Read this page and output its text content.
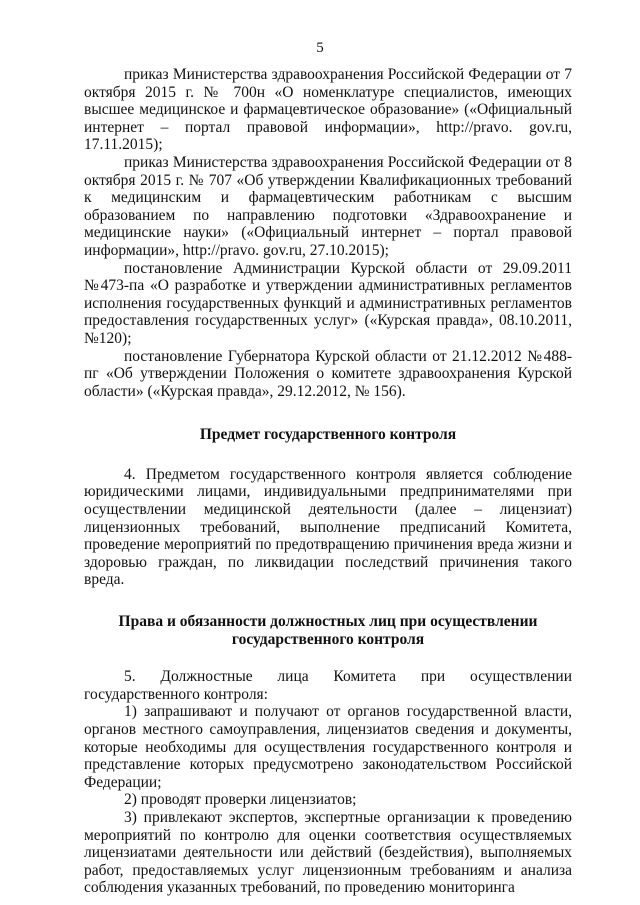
5

приказ Министерства здравоохранения Российской Федерации от 7 октября 2015 г. № 700н «О номенклатуре специалистов, имеющих высшее медицинское и фармацевтическое образование» («Официальный интернет – портал правовой информации», http://pravo. gov.ru, 17.11.2015);

приказ Министерства здравоохранения Российской Федерации от 8 октября 2015 г. № 707 «Об утверждении Квалификационных требований к медицинским и фармацевтическим работникам с высшим образованием по направлению подготовки «Здравоохранение и медицинские науки» («Официальный интернет – портал правовой информации», http://pravo. gov.ru, 27.10.2015);

постановление Администрации Курской области от 29.09.2011 №473-па «О разработке и утверждении административных регламентов исполнения государственных функций и административных регламентов предоставления государственных услуг» («Курская правда», 08.10.2011, №120);

постановление Губернатора Курской области от 21.12.2012 №488-пг «Об утверждении Положения о комитете здравоохранения Курской области» («Курская правда», 29.12.2012, № 156).

Предмет государственного контроля

4. Предметом государственного контроля является соблюдение юридическими лицами, индивидуальными предпринимателями при осуществлении медицинской деятельности (далее – лицензиат) лицензионных требований, выполнение предписаний Комитета, проведение мероприятий по предотвращению причинения вреда жизни и здоровью граждан, по ликвидации последствий причинения такого вреда.

Права и обязанности должностных лиц при осуществлении государственного контроля

5. Должностные лица Комитета при осуществлении государственного контроля:

1) запрашивают и получают от органов государственной власти, органов местного самоуправления, лицензиатов сведения и документы, которые необходимы для осуществления государственного контроля и представление которых предусмотрено законодательством Российской Федерации;

2) проводят проверки лицензиатов;

3) привлекают экспертов, экспертные организации к проведению мероприятий по контролю для оценки соответствия осуществляемых лицензиатами деятельности или действий (бездействия), выполняемых работ, предоставляемых услуг лицензионным требованиям и анализа соблюдения указанных требований, по проведению мониторинга
